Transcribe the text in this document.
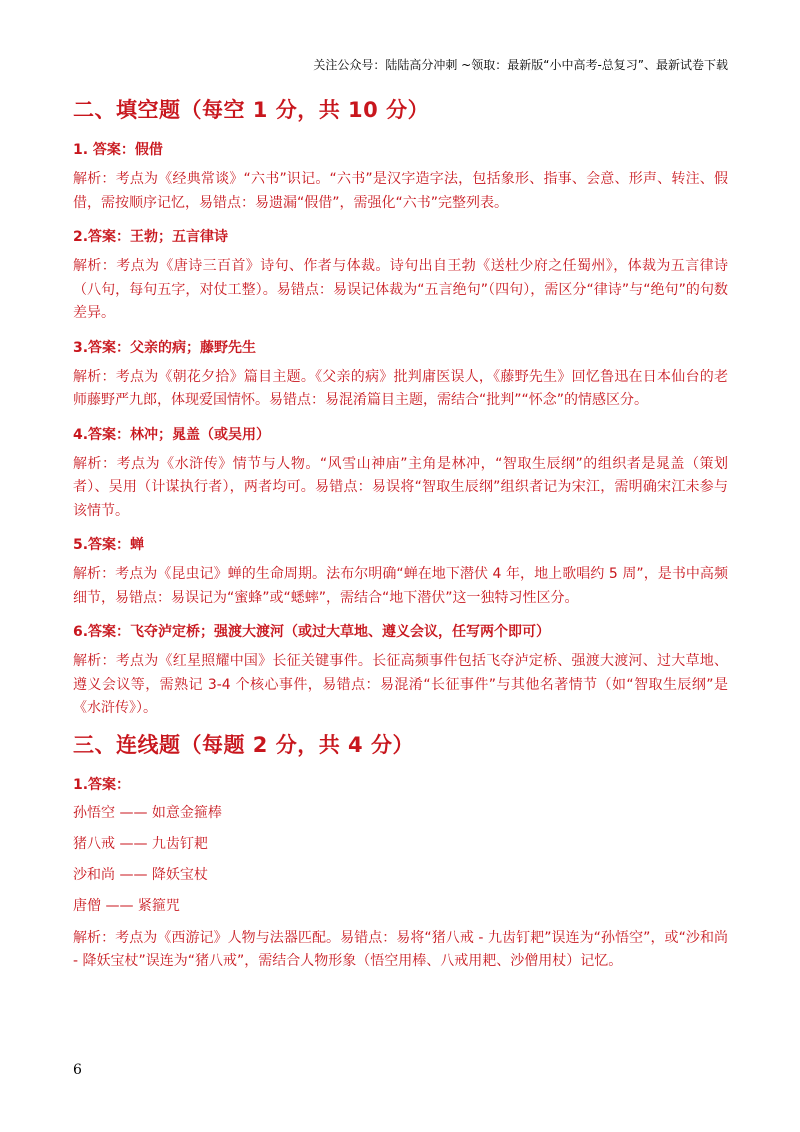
关注公众号：陆陆高分冲刺 ~领取：最新版“小中高考-总复习”、最新试卷下载
二、填空题（每空 1 分，共 10 分）
1. 答案：假借
解析：考点为《经典常谈》“六书”识记。“六书”是汉字造字法，包括象形、指事、会意、形声、转注、假借，需按顺序记忆，易错点：易遗漏“假借”，需强化“六书”完整列表。
2.答案：王勃；五言律诗
解析：考点为《唐诗三百首》诗句、作者与体裁。诗句出自王勃《送杜少府之任蜀州》，体裁为五言律诗（八句，每句五字，对仗工整）。易错点：易误记体裁为“五言绝句”（四句），需区分“律诗”与“绝句”的句数差异。
3.答案：父亲的病；藤野先生
解析：考点为《朝花夕拾》篇目主题。《父亲的病》批判庸医误人，《藤野先生》回忆鲁迅在日本仙台的老师藤野严九郎，体现爱国情怀。易错点：易混淆篇目主题，需结合“批判”“怀念”的情感区分。
4.答案：林冲；晁盖（或吴用）
解析：考点为《水浒传》情节与人物。“风雪山神庙”主角是林冲，“智取生辰纲”的组织者是晁盖（策划者）、吴用（计谋执行者），两者均可。易错点：易误将“智取生辰纲”组织者记为宋江，需明确宋江未参与该情节。
5.答案：蝉
解析：考点为《昆虫记》蝉的生命周期。法布尔明确“蝉在地下潜伏 4 年，地上歌唱约 5 周”，是书中高频细节，易错点：易误记为“蜜蜂”或“蟋蟀”，需结合“地下潜伏”这一独特习性区分。
6.答案：飞夺泸定桥；强渡大渡河（或过大草地、遵义会议，任写两个即可）
解析：考点为《红星照耀中国》长征关键事件。长征高频事件包括飞夺泸定桥、强渡大渡河、过大草地、遵义会议等，需熟记 3-4 个核心事件，易错点：易混淆“长征事件”与其他名著情节（如“智取生辰纲”是《水浒传》）。
三、连线题（每题 2 分，共 4 分）
1.答案：
孙悟空 —— 如意金箍棒
猪八戒 —— 九齿钉耙
沙和尚 —— 降妖宝杖
唐僧 —— 紧箍咒
解析：考点为《西游记》人物与法器匹配。易错点：易将“猪八戒 - 九齿钉耙”误连为“孙悟空”，或“沙和尚 - 降妖宝杖”误连为“猪八戒”，需结合人物形象（悟空用棒、八戒用耙、沙僧用杖）记忆。
6
